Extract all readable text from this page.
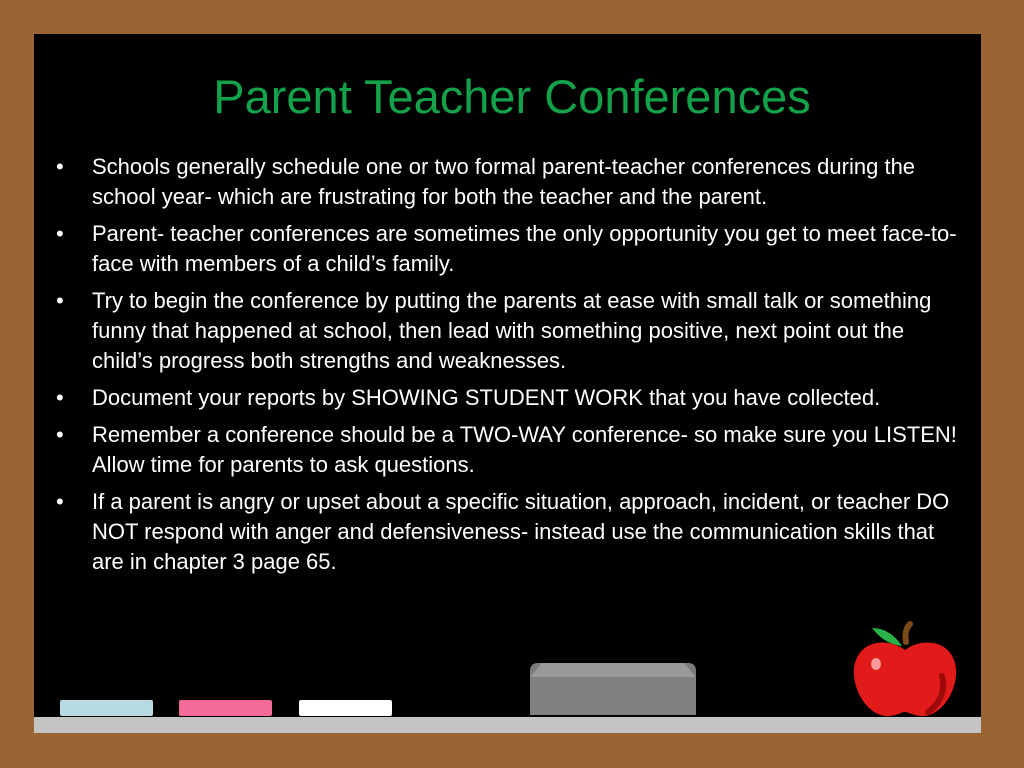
Parent Teacher Conferences
• Schools generally schedule one or two formal parent-teacher conferences during the school year- which are frustrating for both the teacher and the parent.
• Parent- teacher conferences are sometimes the only opportunity you get to meet face-to-face with members of a child’s family.
• Try to begin the conference by putting the parents at ease with small talk or something funny that happened at school, then lead with something positive, next point out the child’s progress both strengths and weaknesses.
• Document your reports by SHOWING STUDENT WORK that you have collected.
• Remember a conference should be a TWO-WAY conference- so make sure you LISTEN! Allow time for parents to ask questions.
• If a parent is angry or upset about a specific situation, approach, incident, or teacher DO NOT respond with anger and defensiveness- instead use the communication skills that are in chapter 3 page 65.
